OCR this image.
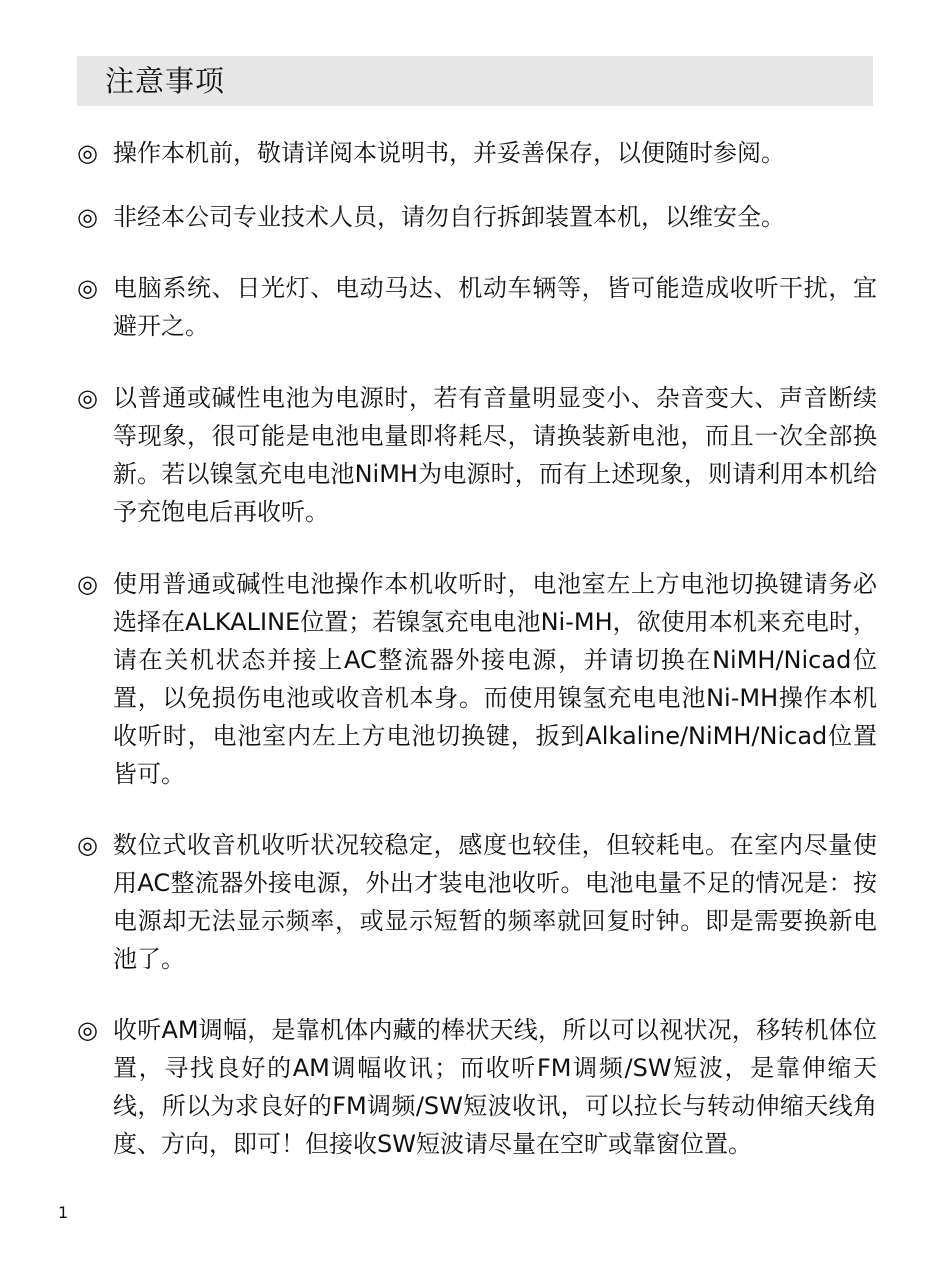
注意事项
◎ 操作本机前，敬请详阅本说明书，并妥善保存，以便随时参阅。
◎ 非经本公司专业技术人员，请勿自行拆卸装置本机，以维安全。
◎ 电脑系统、日光灯、电动马达、机动车辆等，皆可能造成收听干扰，宜避开之。
◎ 以普通或碱性电池为电源时，若有音量明显变小、杂音变大、声音断续等现象，很可能是电池电量即将耗尽，请换装新电池，而且一次全部换新。若以镍氢充电电池NiMH为电源时，而有上述现象，则请利用本机给予充饱电后再收听。
◎ 使用普通或碱性电池操作本机收听时，电池室左上方电池切换键请务必选择在ALKALINE位置；若镍氢充电电池Ni-MH，欲使用本机来充电时，请在关机状态并接上AC整流器外接电源，并请切换在NiMH/Nicad位置，以免损伤电池或收音机本身。而使用镍氢充电电池Ni-MH操作本机收听时，电池室内左上方电池切换键，扳到Alkaline/NiMH/Nicad位置皆可。
◎ 数位式收音机收听状况较稳定，感度也较佳，但较耗电。在室内尽量使用AC整流器外接电源，外出才装电池收听。电池电量不足的情况是：按电源却无法显示频率，或显示短暂的频率就回复时钟。即是需要换新电池了。
◎ 收听AM调幅，是靠机体内藏的棒状天线，所以可以视状况，移转机体位置，寻找良好的AM调幅收讯；而收听FM调频/SW短波，是靠伸缩天线，所以为求良好的FM调频/SW短波收讯，可以拉长与转动伸缩天线角度、方向，即可！但接收SW短波请尽量在空旷或靠窗位置。
1
